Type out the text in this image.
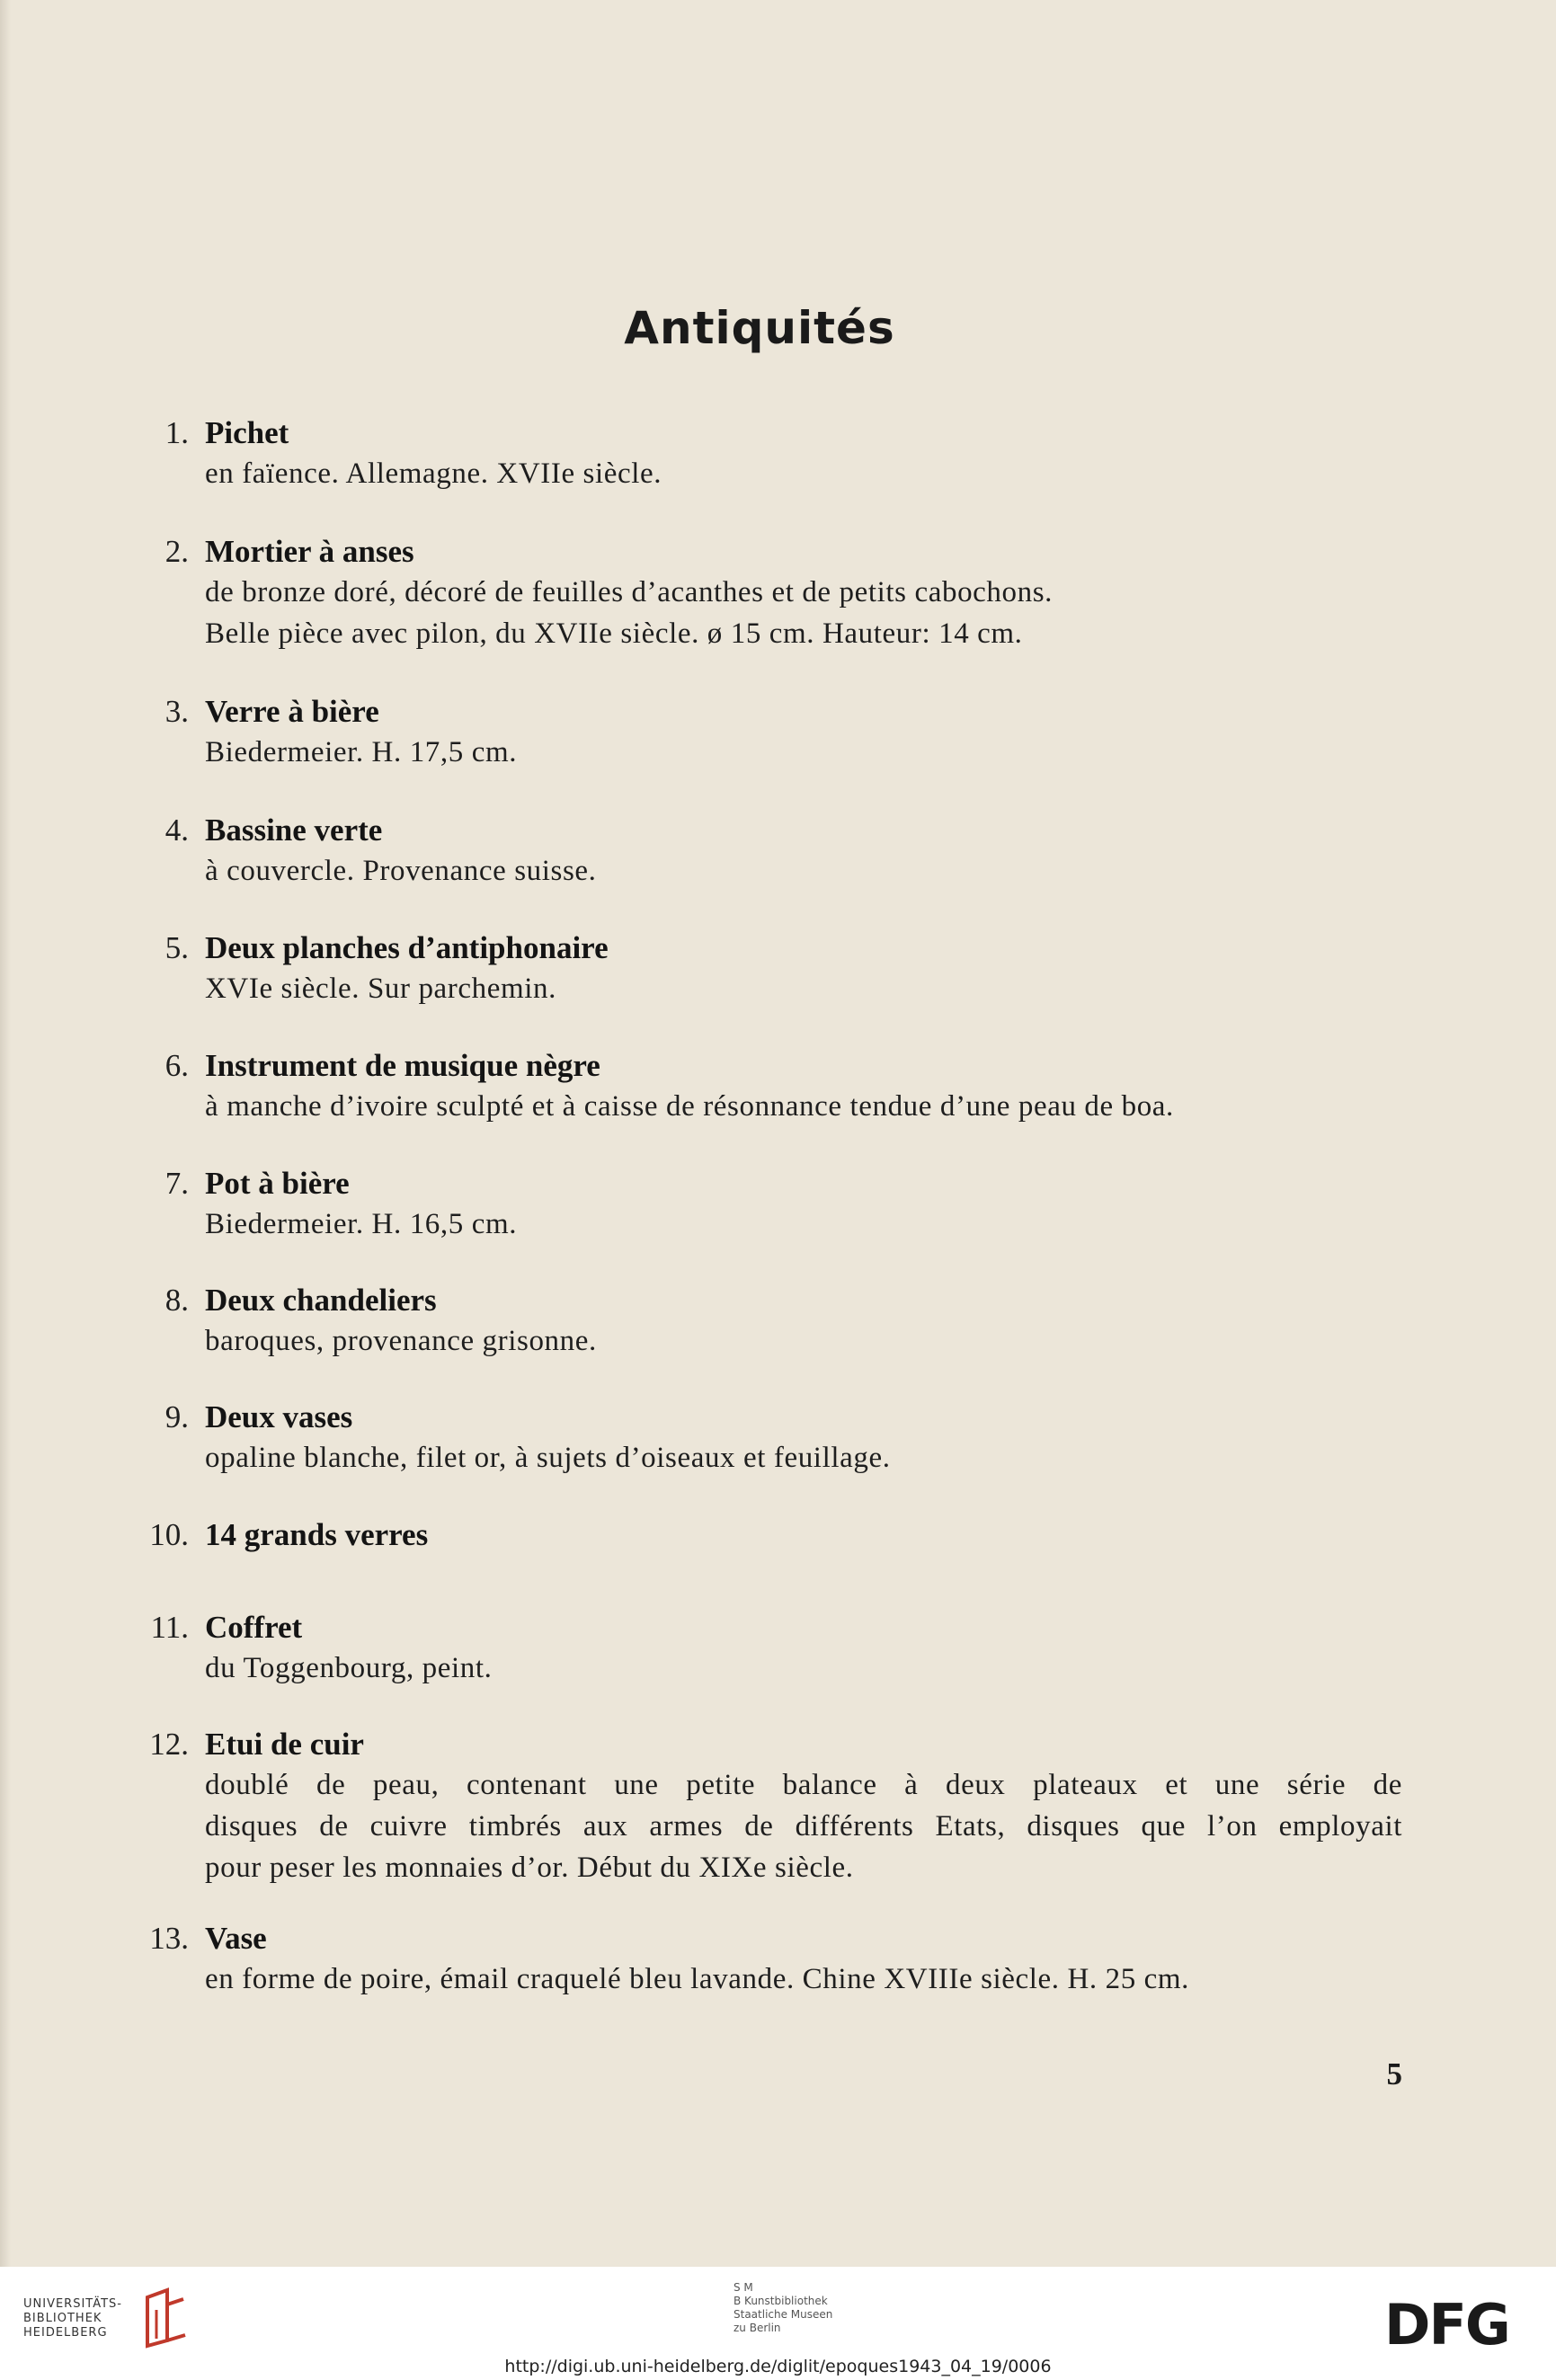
Antiquités
1. Pichet
en faïence. Allemagne. XVIIe siècle.
2. Mortier à anses
de bronze doré, décoré de feuilles d’acanthes et de petits cabochons.
Belle pièce avec pilon, du XVIIe siècle. ø 15 cm. Hauteur: 14 cm.
3. Verre à bière
Biedermeier. H. 17,5 cm.
4. Bassine verte
à couvercle. Provenance suisse.
5. Deux planches d’antiphonaire
XVIe siècle. Sur parchemin.
6. Instrument de musique nègre
à manche d’ivoire sculpté et à caisse de résonnance tendue d’une peau de boa.
7. Pot à bière
Biedermeier. H. 16,5 cm.
8. Deux chandeliers
baroques, provenance grisonne.
9. Deux vases
opaline blanche, filet or, à sujets d’oiseaux et feuillage.
10. 14 grands verres
11. Coffret
du Toggenbourg, peint.
12. Etui de cuir
doublé de peau, contenant une petite balance à deux plateaux et une série de
disques de cuivre timbrés aux armes de différents Etats, disques que l’on employait
pour peser les monnaies d’or. Début du XIXe siècle.
13. Vase
en forme de poire, émail craquelé bleu lavande. Chine XVIIIe siècle. H. 25 cm.
5
UNIVERSITÄTS-
BIBLIOTHEK
HEIDELBERG
S M
B Kunstbibliothek
Staatliche Museen
zu Berlin	DFG
http://digi.ub.uni-heidelberg.de/diglit/epoques1943_04_19/0006
